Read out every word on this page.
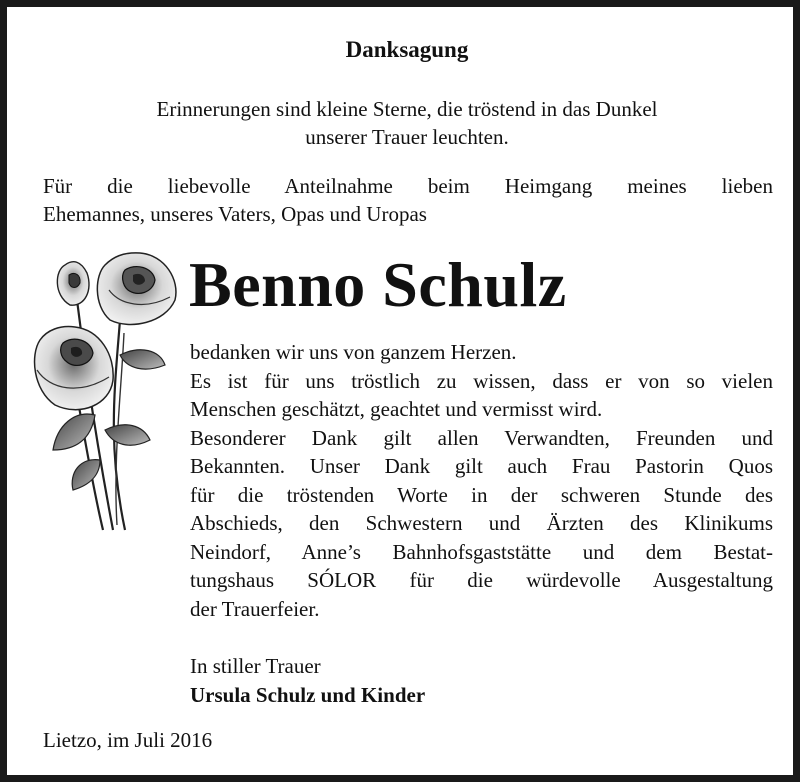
Danksagung
Erinnerungen sind kleine Sterne, die tröstend in das Dunkel
unserer Trauer leuchten.
Für die liebevolle Anteilnahme beim Heimgang meines lieben
Ehemannes, unseres Vaters, Opas und Uropas
Benno Schulz
bedanken wir uns von ganzem Herzen.
Es ist für uns tröstlich zu wissen, dass er von so vielen
Menschen geschätzt, geachtet und vermisst wird.
Besonderer Dank gilt allen Verwandten, Freunden und
Bekannten. Unser Dank gilt auch Frau Pastorin Quos
für die tröstenden Worte in der schweren Stunde des
Abschieds, den Schwestern und Ärzten des Klinikums
Neindorf, Anne’s Bahnhofsgaststätte und dem Bestat-
tungshaus SÓLOR für die würdevolle Ausgestaltung
der Trauerfeier.
In stiller Trauer
Ursula Schulz und Kinder
Lietzo, im Juli 2016
